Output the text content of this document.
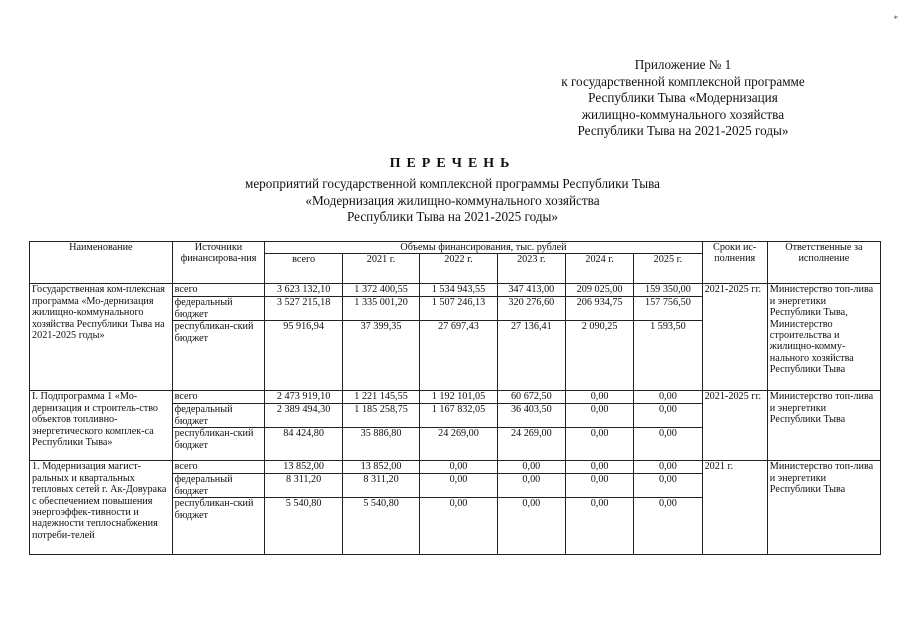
*
Приложение № 1
к государственной комплексной программе
Республики Тыва «Модернизация
жилищно-коммунального хозяйства
Республики Тыва на 2021-2025 годы»
ПЕРЕЧЕНЬ
мероприятий государственной комплексной программы Республики Тыва
«Модернизация жилищно-коммунального хозяйства
Республики Тыва на 2021-2025 годы»
Наименование	Источники финансирова-ния	Объемы финансирования, тыс. рублей						Сроки ис-полнения	Ответственные за исполнение
		всего	2021 г.	2022 г.	2023 г.	2024 г.	2025 г.		
Государственная ком-плексная программа «Мо-дернизация жилищно-коммунального хозяйства Республики Тыва на 2021-2025 годы»	всего	3 623 132,10	1 372 400,55	1 534 943,55	347 413,00	209 025,00	159 350,00	2021-2025 гг.	Министерство топ-лива и энергетики Республики Тыва, Министерство строительства и жилищно-комму-нального хозяйства Республики Тыва
	федеральный бюджет	3 527 215,18	1 335 001,20	1 507 246,13	320 276,60	206 934,75	157 756,50		
	республикан-ский бюджет	95 916,94	37 399,35	27 697,43	27 136,41	2 090,25	1 593,50		
I. Подпрограмма 1 «Мо-дернизация и строитель-ство объектов топливно-энергетического комплек-са Республики Тыва»	всего	2 473 919,10	1 221 145,55	1 192 101,05	60 672,50	0,00	0,00	2021-2025 гг.	Министерство топ-лива и энергетики Республики Тыва
	федеральный бюджет	2 389 494,30	1 185 258,75	1 167 832,05	36 403,50	0,00	0,00		
	республикан-ский бюджет	84 424,80	35 886,80	24 269,00	24 269,00	0,00	0,00		
1. Модернизация магист-ральных и квартальных тепловых сетей г. Ак-Довурака с обеспечением повышения энергоэффек-тивности и надежности теплоснабжения потреби-телей	всего	13 852,00	13 852,00	0,00	0,00	0,00	0,00	2021 г.	Министерство топ-лива и энергетики Республики Тыва
	федеральный бюджет	8 311,20	8 311,20	0,00	0,00	0,00	0,00		
	республикан-ский бюджет	5 540,80	5 540,80	0,00	0,00	0,00	0,00		
